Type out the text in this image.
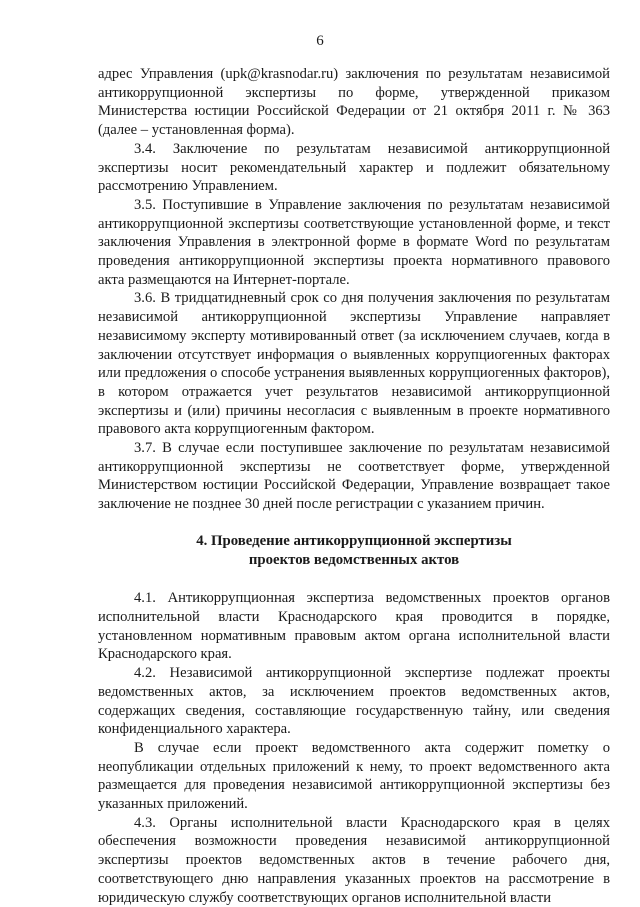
6

адрес Управления (upk@krasnodar.ru) заключения по результатам независимой антикоррупционной экспертизы по форме, утвержденной приказом Министерства юстиции Российской Федерации от 21 октября 2011 г. № 363 (далее – установленная форма).

3.4. Заключение по результатам независимой антикоррупционной экспертизы носит рекомендательный характер и подлежит обязательному рассмотрению Управлением.

3.5. Поступившие в Управление заключения по результатам независимой антикоррупционной экспертизы соответствующие установленной форме, и текст заключения Управления в электронной форме в формате Word по результатам проведения антикоррупционной экспертизы проекта нормативного правового акта размещаются на Интернет-портале.

3.6. В тридцатидневный срок со дня получения заключения по результатам независимой антикоррупционной экспертизы Управление направляет независимому эксперту мотивированный ответ (за исключением случаев, когда в заключении отсутствует информация о выявленных коррупциогенных факторах или предложения о способе устранения выявленных коррупциогенных факторов), в котором отражается учет результатов независимой антикоррупционной экспертизы и (или) причины несогласия с выявленным в проекте нормативного правового акта коррупциогенным фактором.

3.7. В случае если поступившее заключение по результатам независимой антикоррупционной экспертизы не соответствует форме, утвержденной Министерством юстиции Российской Федерации, Управление возвращает такое заключение не позднее 30 дней после регистрации с указанием причин.

4. Проведение антикоррупционной экспертизы
проектов ведомственных актов

4.1. Антикоррупционная экспертиза ведомственных проектов органов исполнительной власти Краснодарского края проводится в порядке, установленном нормативным правовым актом органа исполнительной власти Краснодарского края.

4.2. Независимой антикоррупционной экспертизе подлежат проекты ведомственных актов, за исключением проектов ведомственных актов, содержащих сведения, составляющие государственную тайну, или сведения конфиденциального характера.

В случае если проект ведомственного акта содержит пометку о неопубликации отдельных приложений к нему, то проект ведомственного акта размещается для проведения независимой антикоррупционной экспертизы без указанных приложений.

4.3. Органы исполнительной власти Краснодарского края в целях обеспечения возможности проведения независимой антикоррупционной экспертизы проектов ведомственных актов в течение рабочего дня, соответствующего дню направления указанных проектов на рассмотрение в юридическую службу соответствующих органов исполнительной власти
